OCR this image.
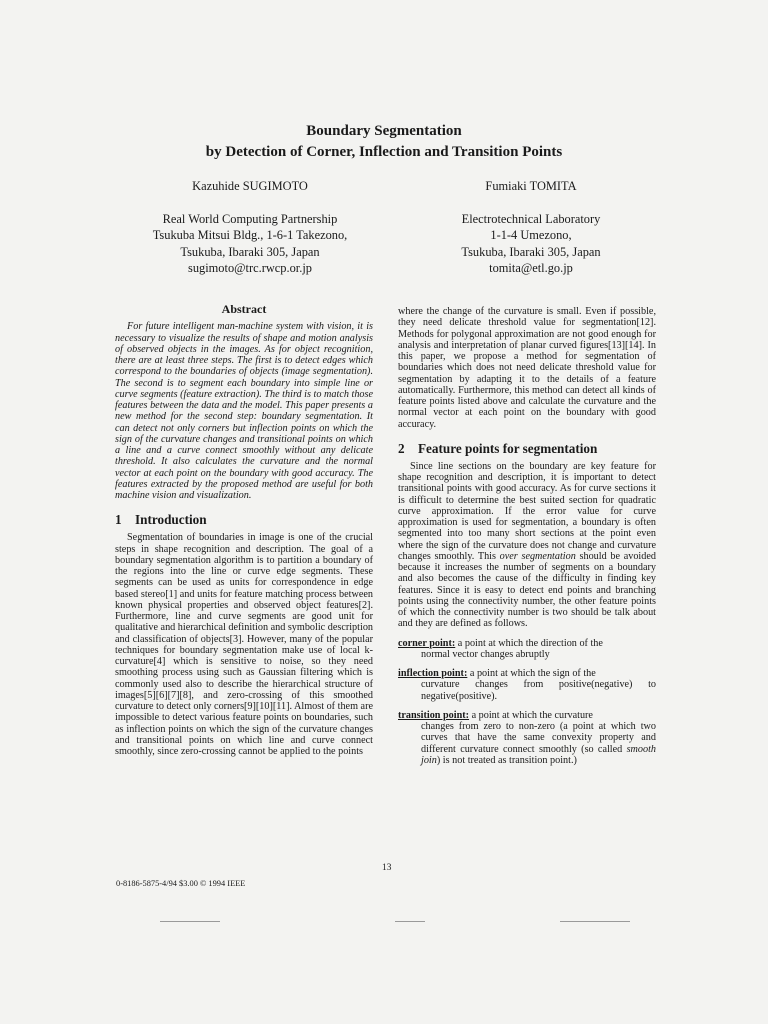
Boundary Segmentation
by Detection of Corner, Inflection and Transition Points
Kazuhide SUGIMOTO
Real World Computing Partnership
Tsukuba Mitsui Bldg., 1-6-1 Takezono,
Tsukuba, Ibaraki 305, Japan
sugimoto@trc.rwcp.or.jp
Fumiaki TOMITA
Electrotechnical Laboratory
1-1-4 Umezono,
Tsukuba, Ibaraki 305, Japan
tomita@etl.go.jp
Abstract

For future intelligent man-machine system with vision, it is necessary to visualize the results of shape and motion analysis of observed objects in the images. As for object recognition, there are at least three steps. The first is to detect edges which correspond to the boundaries of objects (image segmentation). The second is to segment each boundary into simple line or curve segments (feature extraction). The third is to match those features between the data and the model. This paper presents a new method for the second step: boundary segmentation. It can detect not only corners but inflection points on which the sign of the curvature changes and transitional points on which a line and a curve connect smoothly without any delicate threshold. It also calculates the curvature and the normal vector at each point on the boundary with good accuracy. The features extracted by the proposed method are useful for both machine vision and visualization.

1 Introduction

Segmentation of boundaries in image is one of the crucial steps in shape recognition and description. The goal of a boundary segmentation algorithm is to partition a boundary of the regions into the line or curve edge segments. These segments can be used as units for correspondence in edge based stereo[1] and units for feature matching process between known physical properties and observed object features[2]. Furthermore, line and curve segments are good unit for qualitative and hierarchical definition and symbolic description and classification of objects[3]. However, many of the popular techniques for boundary segmentation make use of local k-curvature[4] which is sensitive to noise, so they need smoothing process using such as Gaussian filtering which is commonly used also to describe the hierarchical structure of images[5][6][7][8], and zero-crossing of this smoothed curvature to detect only corners[9][10][11]. Almost of them are impossible to detect various feature points on boundaries, such as inflection points on which the sign of the curvature changes and transitional points on which line and curve connect smoothly, since zero-crossing cannot be applied to the points

where the change of the curvature is small. Even if possible, they need delicate threshold value for segmentation[12]. Methods for polygonal approximation are not good enough for analysis and interpretation of planar curved figures[13][14]. In this paper, we propose a method for segmentation of boundaries which does not need delicate threshold value for segmentation by adapting it to the details of a feature automatically. Furthermore, this method can detect all kinds of feature points listed above and calculate the curvature and the normal vector at each point on the boundary with good accuracy.

2 Feature points for segmentation

Since line sections on the boundary are key feature for shape recognition and description, it is important to detect transitional points with good accuracy. As for curve sections it is difficult to determine the best suited section for quadratic curve approximation. If the error value for curve approximation is used for segmentation, a boundary is often segmented into too many short sections at the point even where the sign of the curvature does not change and curvature changes smoothly. This over segmentation should be avoided because it increases the number of segments on a boundary and also becomes the cause of the difficulty in finding key features. Since it is easy to detect end points and branching points using the connectivity number, the other feature points of which the connectivity number is two should be talk about and they are defined as follows.

corner point: a point at which the direction of the
normal vector changes abruptly
inflection point: a point at which the sign of the
curvature changes from positive(negative) to negative(positive).
transition point: a point at which the curvature
changes from zero to non-zero (a point at which two curves that have the same convexity property and different curvature connect smoothly (so called smooth join) is not treated as transition point.)
13
0-8186-5875-4/94 $3.00 © 1994 IEEE
